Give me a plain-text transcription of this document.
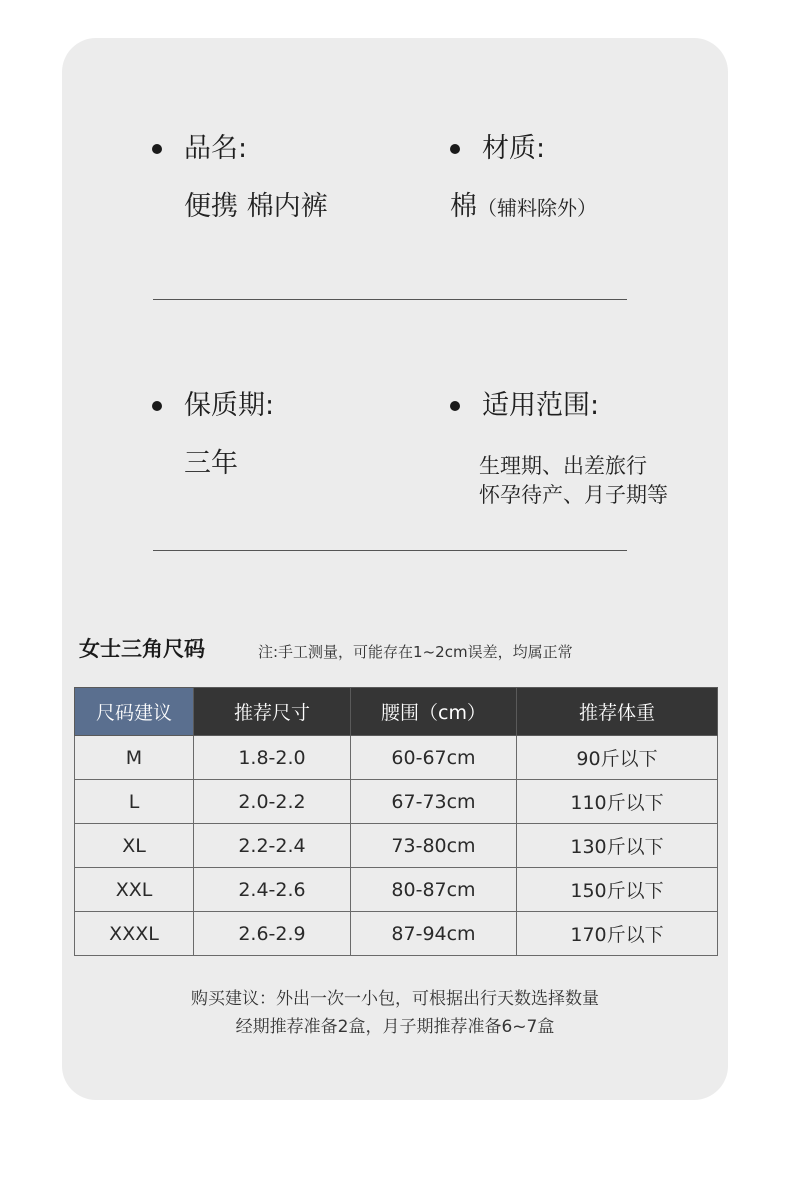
品名:
便携 棉内裤
材质:
棉（辅料除外）
保质期:
三年
适用范围:
生理期、出差旅行
怀孕待产、月子期等
女士三角尺码	注:手工测量，可能存在1~2cm误差，均属正常
尺码建议	推荐尺寸	腰围（cm）	推荐体重
M	1.8-2.0	60-67cm	90斤以下
L	2.0-2.2	67-73cm	110斤以下
XL	2.2-2.4	73-80cm	130斤以下
XXL	2.4-2.6	80-87cm	150斤以下
XXXL	2.6-2.9	87-94cm	170斤以下
购买建议：外出一次一小包，可根据出行天数选择数量
经期推荐准备2盒，月子期推荐准备6~7盒
